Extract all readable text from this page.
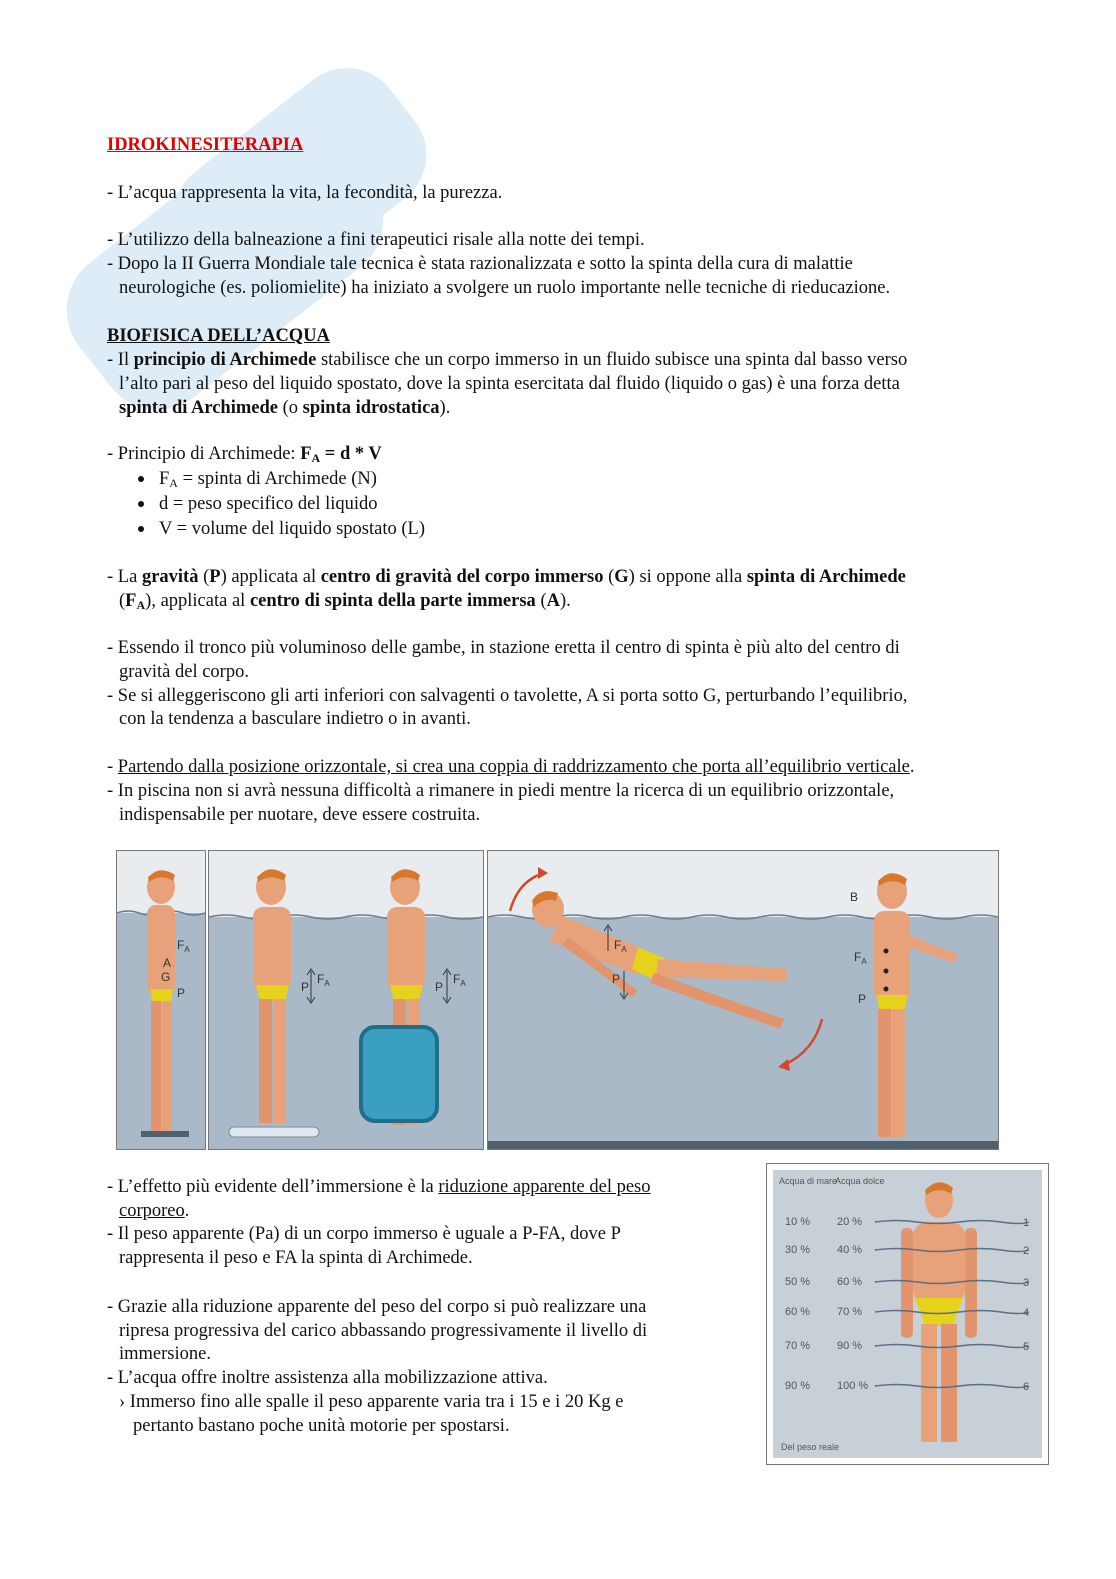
IDROKINESITERAPIA
- L’acqua rappresenta la vita, la fecondità, la purezza.
- L’utilizzo della balneazione a fini terapeutici risale alla notte dei tempi.
- Dopo la II Guerra Mondiale tale tecnica è stata razionalizzata e sotto la spinta della cura di malattie
neurologiche (es. poliomielite) ha iniziato a svolgere un ruolo importante nelle tecniche di rieducazione.
BIOFISICA DELL’ACQUA
- Il principio di Archimede stabilisce che un corpo immerso in un fluido subisce una spinta dal basso verso
l’alto pari al peso del liquido spostato, dove la spinta esercitata dal fluido (liquido o gas) è una forza detta
spinta di Archimede (o spinta idrostatica).
- Principio di Archimede: $F_A = d * V$
$F_A$ = spinta di Archimede (N)
d = peso specifico del liquido
V = volume del liquido spostato (L)
- La gravità (P) applicata al centro di gravità del corpo immerso (G) si oppone alla spinta di Archimede
$(F_A)$, applicata al centro di spinta della parte immersa (A).
- Essendo il tronco più voluminoso delle gambe, in stazione eretta il centro di spinta è più alto del centro di
gravità del corpo.
- Se si alleggeriscono gli arti inferiori con salvagenti o tavolette, A si porta sotto G, perturbando l’equilibrio,
con la tendenza a basculare indietro o in avanti.
- Partendo dalla posizione orizzontale, si crea una coppia di raddrizzamento che porta all’equilibrio verticale.
- In piscina non si avrà nessuna difficoltà a rimanere in piedi mentre la ricerca di un equilibrio orizzontale,
indispensabile per nuotare, deve essere costruita.
$F_A$
A
G
P	P
$F_A$	P
$F_A$
$F_A$
P
B
$F_A$
P
- L’effetto più evidente dell’immersione è la riduzione apparente del peso
corporeo.
- Il peso apparente (Pa) di un corpo immerso è uguale a P-FA, dove P
rappresenta il peso e FA la spinta di Archimede.
- Grazie alla riduzione apparente del peso del corpo si può realizzare una
ripresa progressiva del carico abbassando progressivamente il livello di
immersione.
- L’acqua offre inoltre assistenza alla mobilizzazione attiva.
› Immerso fino alle spalle il peso apparente varia tra i 15 e i 20 Kg e
pertanto bastano poche unità motorie per spostarsi.
Acqua di mare
Acqua dolce
Del peso reale
10 % 20 %	1
30 % 40 %	2
50 % 60 %	3
60 % 70 %	4
70 % 90 %	5
90 % 100 %	6
